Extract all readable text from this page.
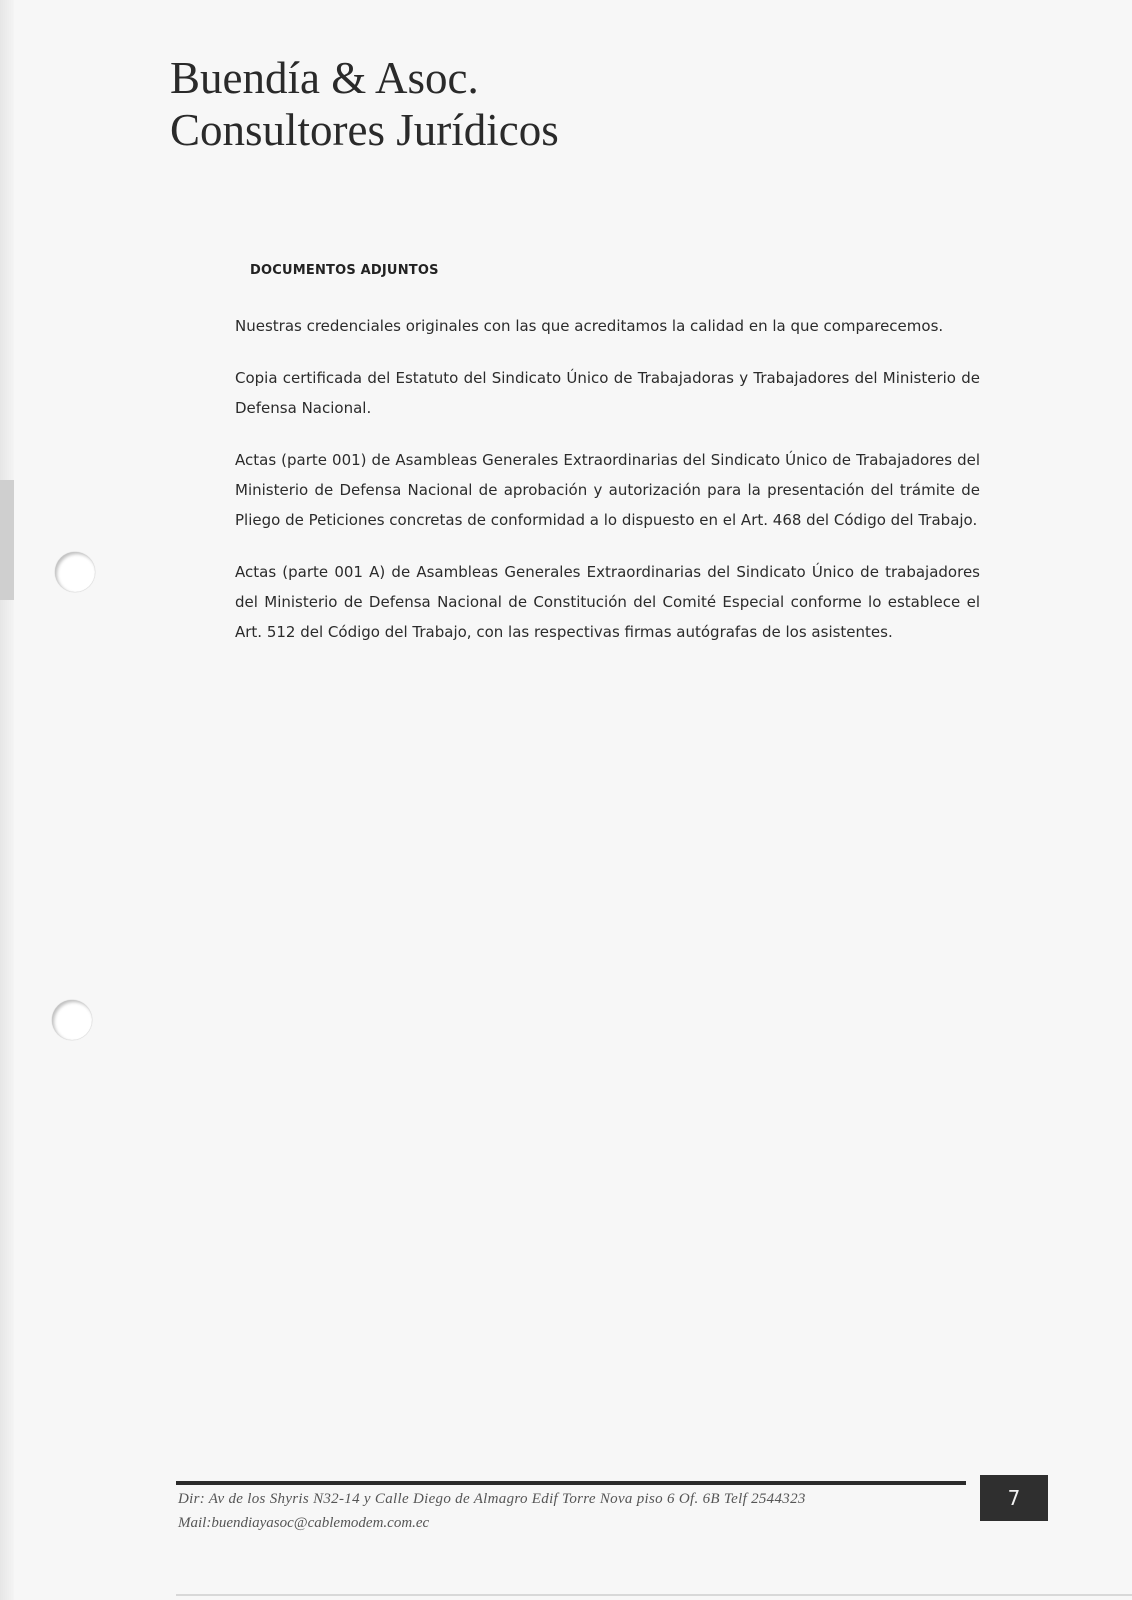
Buendía & Asoc.
Consultores Jurídicos
DOCUMENTOS ADJUNTOS

Nuestras credenciales originales con las que acreditamos la calidad en la que comparecemos.

Copia certificada del Estatuto del Sindicato Único de Trabajadoras y Trabajadores del Ministerio de Defensa Nacional.

Actas (parte 001) de Asambleas Generales Extraordinarias del Sindicato Único de Trabajadores del Ministerio de Defensa Nacional de aprobación y autorización para la presentación del trámite de Pliego de Peticiones concretas de conformidad a lo dispuesto en el Art. 468 del Código del Trabajo.

Actas (parte 001 A) de Asambleas Generales Extraordinarias del Sindicato Único de trabajadores del Ministerio de Defensa Nacional de Constitución del Comité Especial conforme lo establece el Art. 512 del Código del Trabajo, con las respectivas firmas autógrafas de los asistentes.

Dir: Av de los Shyris N32-14 y Calle Diego de Almagro Edif Torre Nova piso 6 Of. 6B Telf 2544323

Mail:buendiayasoc@cablemodem.com.ec

7
